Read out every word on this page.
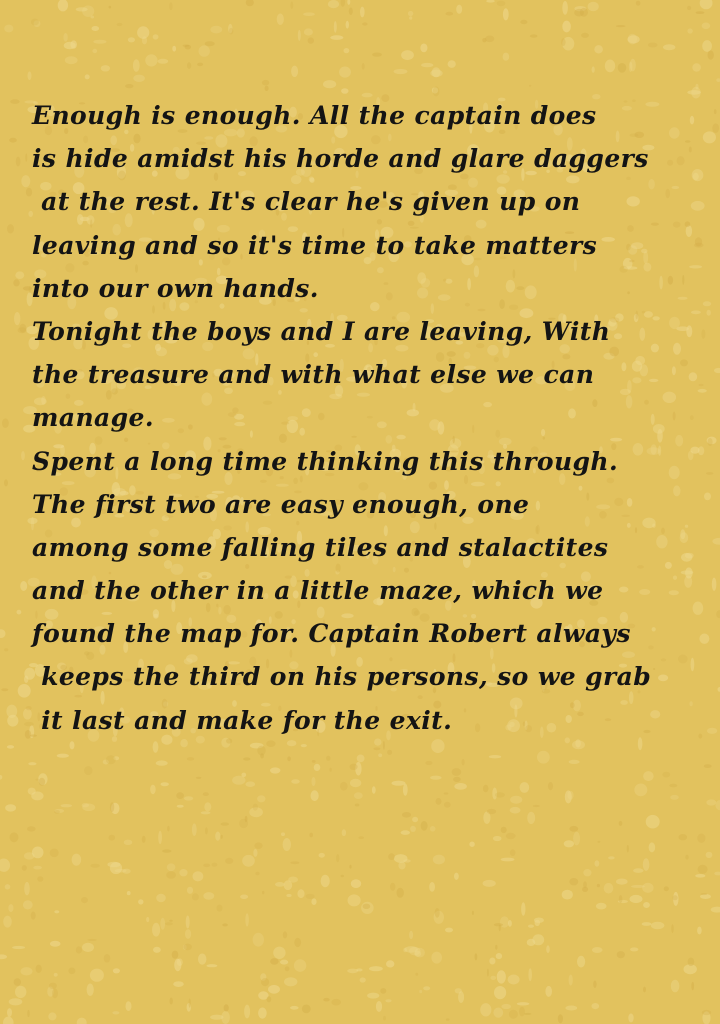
Enough is enough. All the captain does
is hide amidst his horde and glare daggers
at the rest. It's clear he's given up on
leaving and so it's time to take matters
into our own hands.
Tonight the boys and I are leaving, With
the treasure and with what else we can
manage.
Spent a long time thinking this through.
The first two are easy enough, one
among some falling tiles and stalactites
and the other in a little maze, which we
found the map for. Captain Robert always
keeps the third on his persons, so we grab
it last and make for the exit.
